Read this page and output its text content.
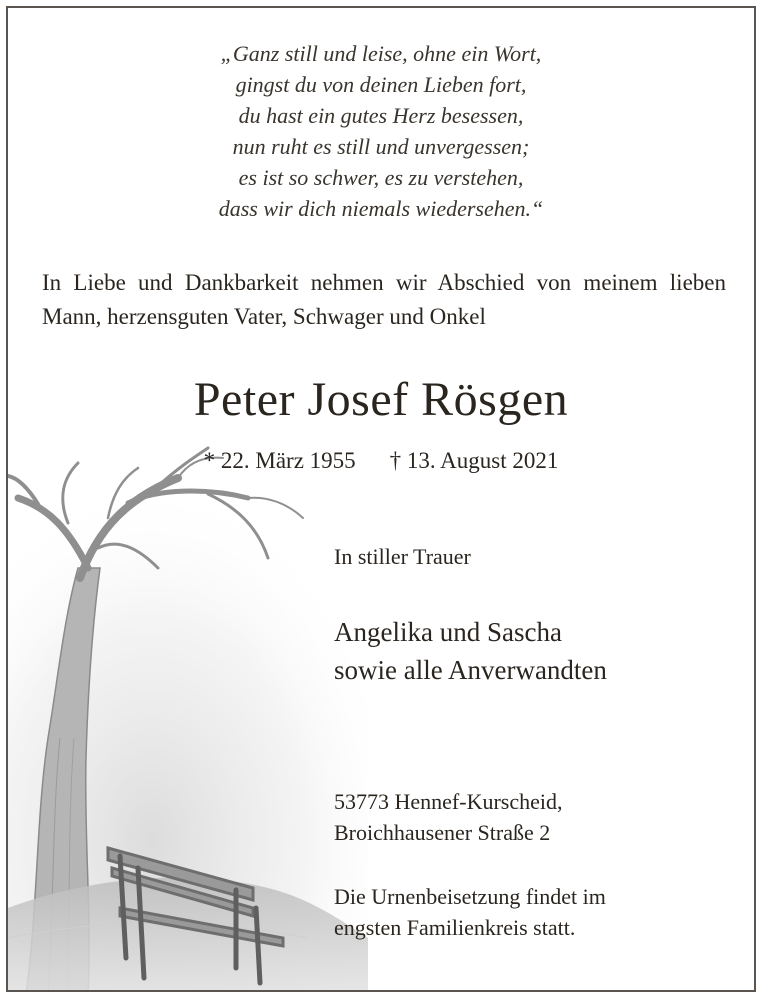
„Ganz still und leise, ohne ein Wort,
gingst du von deinen Lieben fort,
du hast ein gutes Herz besessen,
nun ruht es still und unvergessen;
es ist so schwer, es zu verstehen,
dass wir dich niemals wiedersehen.“
In Liebe und Dankbarkeit nehmen wir Abschied von meinem lieben Mann, herzensguten Vater, Schwager und Onkel
Peter Josef Rösgen
* 22. März 1955 † 13. August 2021
In stiller Trauer
Angelika und Sascha
sowie alle Anverwandten
53773 Hennef-Kurscheid,
Broichhausener Straße 2
Die Urnenbeisetzung findet im
engsten Familienkreis statt.
